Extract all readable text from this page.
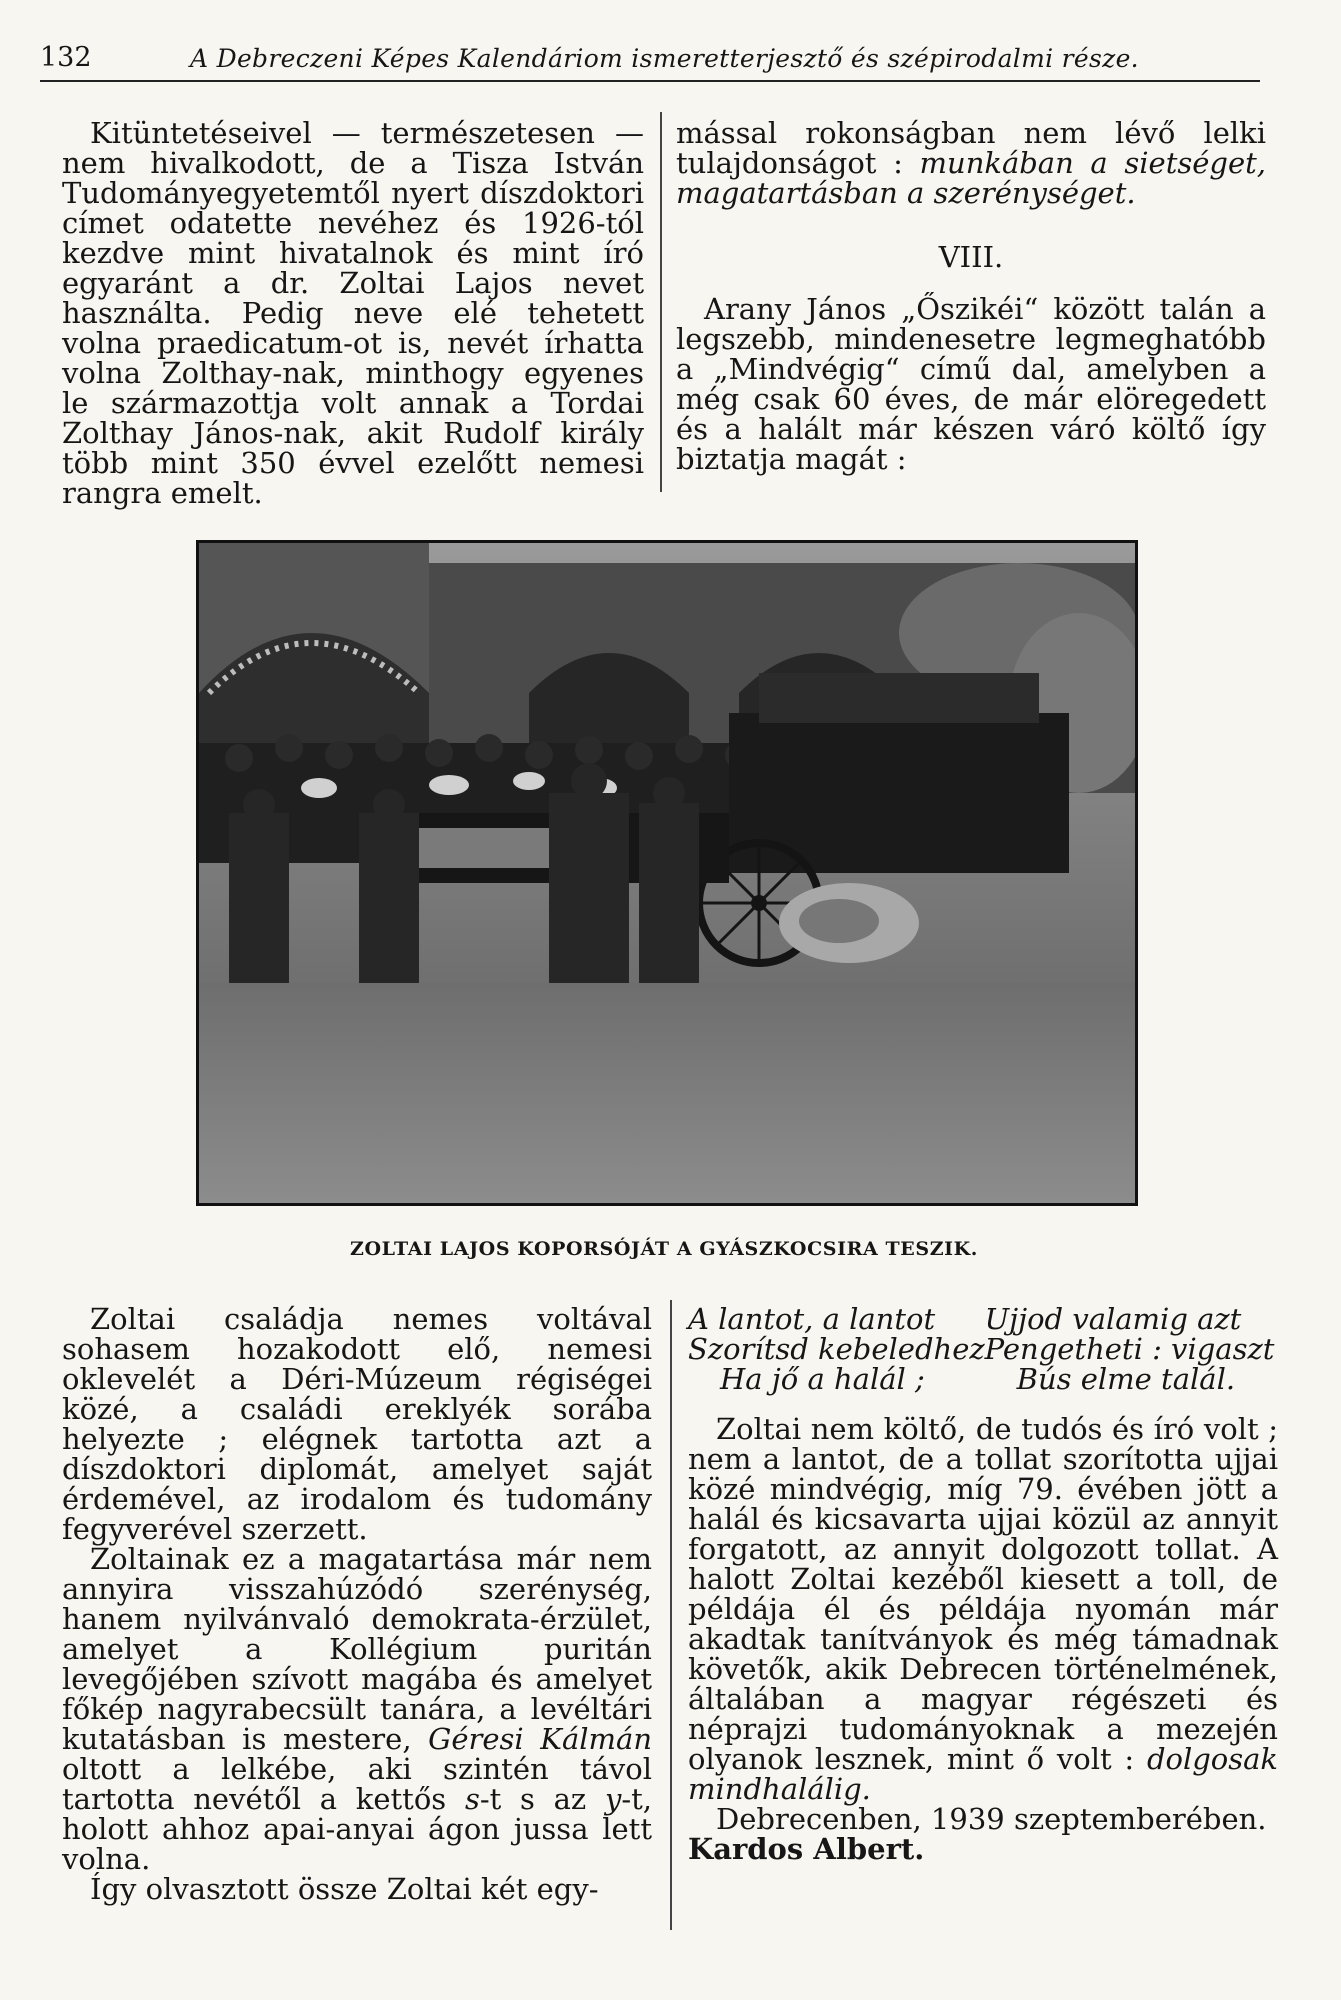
132	A Debreczeni Képes Kalendáriom ismeretterjesztő és szépirodalmi része.

Kitüntetéseivel — természetesen — nem hivalkodott, de a Tisza István Tudományegyetemtől nyert díszdoktori címet odatette nevéhez és 1926-tól kezdve mint hivatalnok és mint író egyaránt a dr. Zoltai Lajos nevet használta. Pedig neve elé tehetett volna praedicatum-ot is, nevét írhatta volna Zolthay-nak, minthogy egyenes le származottja volt annak a Tordai Zolthay János-nak, akit Rudolf király több mint 350 évvel ezelőtt nemesi rangra emelt.

mással rokonságban nem lévő lelki tulajdonságot : munkában a sietséget, magatartásban a szerénységet.

VIII.

Arany János „Őszikéi“ között talán a legszebb, mindenesetre legmeghatóbb a „Mindvégig“ című dal, amelyben a még csak 60 éves, de már elöregedett és a halált már készen váró költő így biztatja magát :

ZOLTAI LAJOS KOPORSÓJÁT A GYÁSZKOCSIRA TESZIK.

Zoltai családja nemes voltával sohasem hozakodott elő, nemesi oklevelét a Déri-Múzeum régiségei közé, a családi ereklyék sorába helyezte ; elégnek tartotta azt a díszdoktori diplomát, amelyet saját érdemével, az irodalom és tudomány fegyverével szerzett.

Zoltainak ez a magatartása már nem annyira visszahúzódó szerénység, hanem nyilvánvaló demokrata-érzület, amelyet a Kollégium puritán levegőjében szívott magába és amelyet főkép nagyrabecsült tanára, a levéltári kutatásban is mestere, Géresi Kálmán oltott a lelkébe, aki szintén távol tartotta nevétől a kettős s-t s az y-t, holott ahhoz apai-anyai ágon jussa lett volna.

Így olvasztott össze Zoltai két egy-

A lantot, a lantot	Ujjod valamig azt
Szorítsd kebeledhez Pengetheti : vigaszt
Ha jő a halál ;	Bús elme talál.

Zoltai nem költő, de tudós és író volt ; nem a lantot, de a tollat szorította ujjai közé mindvégig, míg 79. évében jött a halál és kicsavarta ujjai közül az annyit forgatott, az annyit dolgozott tollat. A halott Zoltai kezéből kiesett a toll, de példája él és példája nyomán már akadtak tanítványok és még támadnak követők, akik Debrecen történelmének, általában a magyar régészeti és néprajzi tudományoknak a mezején olyanok lesznek, mint ő volt : dolgosak mindhalálig.

Debrecenben, 1939 szeptemberében.

Kardos Albert.
